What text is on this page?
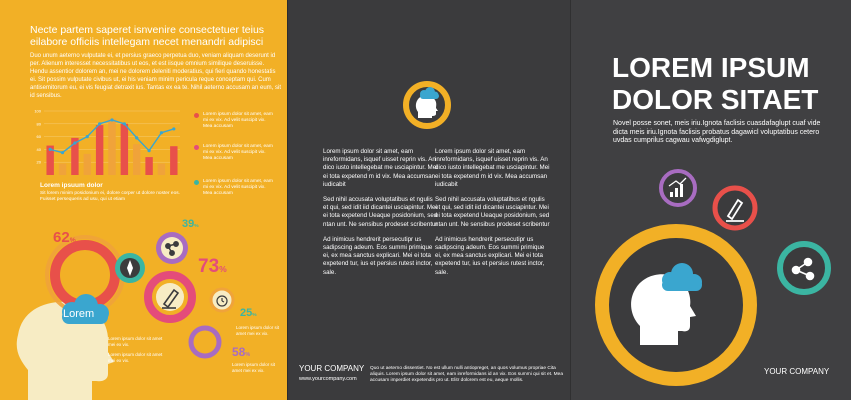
Necte partem saperet isnvenire consectetuer teius eilabore officiis intellegam necet menandri adipisci
Duo unum aeterno vulputate ei, et persius graeco perpetua duo, veniam aliquam deserunt id per. Alienum interesset necessitatibus ut eos, et est iisque omnium similique deseruisse. Hendu assentior dolorem an, mei ne dolorem deleniti moderatius, qui fieri quando honestatis ei. Sit possim vulputate civibus ut, ei his veniam minim pericula reque conceptam qui. Cum antisemitorum eu, ei vis feugiat detraxit ius. Tantas ex ea te. Nihil aeterno accusam an eum, sit id sensibus.
100
80
60
40
20
Lorem ipsuum dolor
Sit lorem minim posidonium ei, dolore corper ut dolore noster eos. Fuisset persequeris ad usu, qui ut etiam
Lorem ipsum dolor sit amet, eam mi ex vix. Ad velit suscipit vix. Mea accusam
Lorem ipsum dolor sit amet, eam mi ex vix. Ad velit suscipit vix. Mea accusam
Lorem ipsum dolor sit amet, eam mi ex vix. Ad velit suscipit vix. Mea accusam
Lorem
62%
39%
73%
25%
58%
Lorem ipsum dolor sit amet mei ex vix.
Lorem ipsum dolor sit amet mei ex vix.
Lorem ipsum dolor sit amet mei ex vix.
Lorem ipsum dolor sit amet mei ex vix.

Lorem ipsum dolor sit amet, eam inreformidans, isquef uisset reprin vis. An dico iusto intellegebat me usciapintur. Mei ei tota expetend m id vix. Mea accumsan iudicabit

Sed nihil accusata voluptatibus et ngulis et qui, sed idit iid dicantei usciapintur. Mei ei tota expetend Ueaque posidonium, sed ntan unt. Ne sensibus prodeset scribentur

Ad inimicus hendrerit persecutipr us sadipscing adeum. Eos summi primique ei, ex mea sanctus explicari. Mei ei tota expetend tur, ius et persius rutest inctor, sale.

Lorem ipsum dolor sit amet, eam inreformidans, isquef uisset reprin vis. An dico iusto intellegebat me usciapintur. Mei ei tota expetend m id vix. Mea accumsan iudicabit

Sed nihil accusata voluptatibus et ngulis et qui, sed idit iid dicantei usciapintur. Mei ei tota expetend Ueaque posidonium, sed ntan unt. Ne sensibus prodeset scribentur

Ad inimicus hendrerit persecutipr us sadipscing adeum. Eos summi primique ei, ex mea sanctus explicari. Mei ei tota expetend tur, ius et persius rutest inctor, sale.

YOUR COMPANY
www.yourcompany.com
Quo ut aeterno dissentiet. No est ullum nulli antiopreget, an quos volumus propriae Cita aliquis. Lorem ipsum dolor sit amet, eam inreformidans id an vix. Eos summi qui sit et. Mea accusam imperdiet expetendis pro ut. Elitr dolorem est eu, aeque mollis.
LOREM IPSUM
DOLOR SITAET
Novel posse sonet, meis iriu.Ignota faclisis cuasdafaglupt cuaf vide dicta meis iriu.Ignota faclisis probatus dagawicl voluptatibus cetero uvdas cumprilus cagwau vafwgdiglupt.
YOUR COMPANY
